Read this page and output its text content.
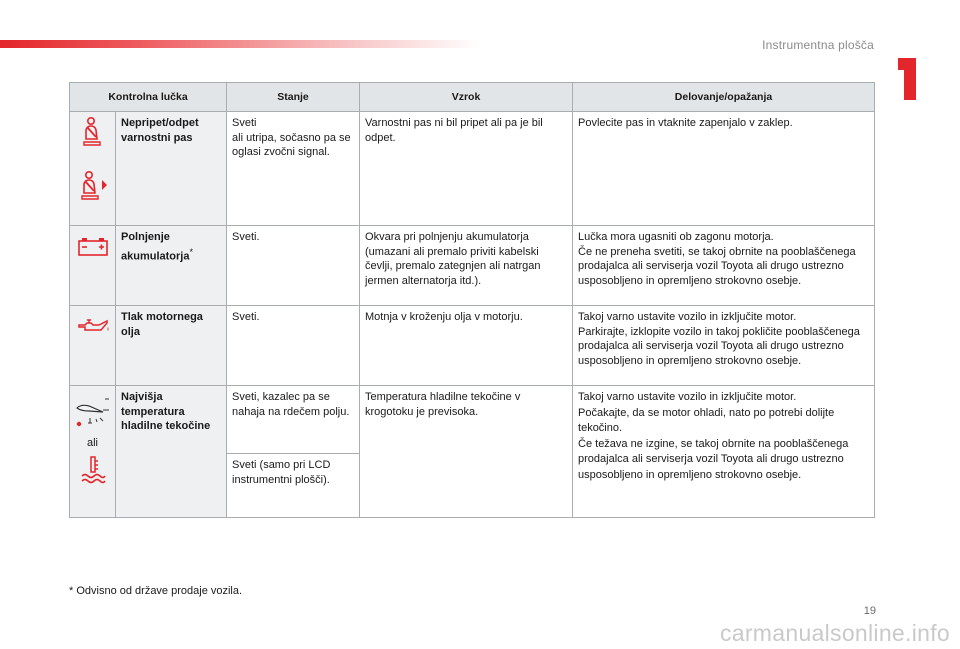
Instrumentna plošča
Kontrolna lučka		Stanje	Vzrok	Delovanje/opažanja

	Nepripet/odpet varnostni pas	Sveti
ali utripa, sočasno pa se oglasi zvočni signal.	Varnostni pas ni bil pripet ali pa je bil odpet.	Povlecite pas in vtaknite zapenjalo v zaklep.

	Polnjenje akumulatorja*	Sveti.	Okvara pri polnjenju akumulatorja (umazani ali premalo priviti kabelski čevlji, premalo zategnjen ali natrgan jermen alternatorja itd.).	Lučka mora ugasniti ob zagonu motorja.
Če ne preneha svetiti, se takoj obrnite na pooblaščenega prodajalca ali serviserja vozil Toyota ali drugo ustrezno usposobljeno in opremljeno strokovno osebje.

	Tlak motornega olja	Sveti.	Motnja v kroženju olja v motorju.	Takoj varno ustavite vozilo in izključite motor.
Parkirajte, izklopite vozilo in takoj pokličite pooblaščenega prodajalca ali serviserja vozil Toyota ali drugo ustrezno usposobljeno in opremljeno strokovno osebje.

ali	Najvišja temperatura hladilne tekočine	Sveti, kazalec pa se nahaja na rdečem polju.	Temperatura hladilne tekočine v krogotoku je previsoka.	Takoj varno ustavite vozilo in izključite motor.
Počakajte, da se motor ohladi, nato po potrebi dolijte tekočino.
Če težava ne izgine, se takoj obrnite na pooblaščenega prodajalca ali serviserja vozil Toyota ali drugo ustrezno usposobljeno in opremljeno strokovno osebje.
		Sveti (samo pri LCD instrumentni plošči).		
* Odvisno od države prodaje vozila.
19
carmanualsonline.info
